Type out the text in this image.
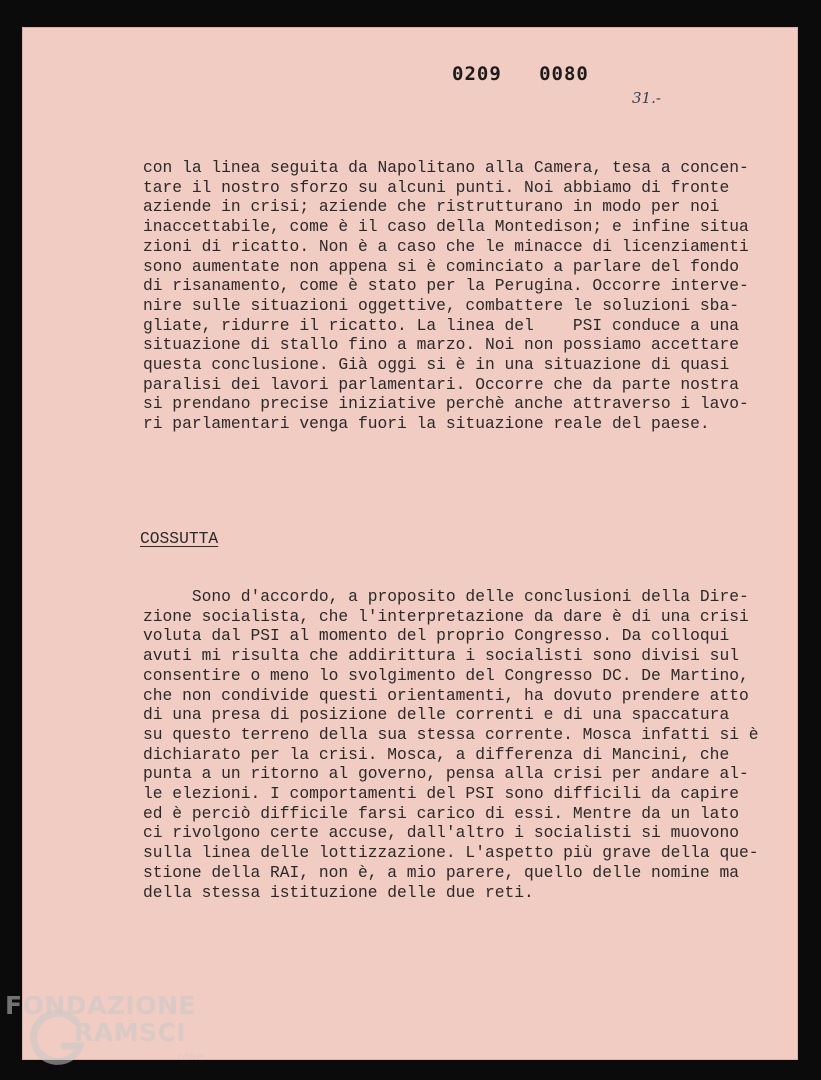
0209   0080
31.-
con la linea seguita da Napolitano alla Camera, tesa a concen-
tare il nostro sforzo su alcuni punti. Noi abbiamo di fronte
aziende in crisi; aziende che ristrutturano in modo per noi
inaccettabile, come è il caso della Montedison; e infine situa
zioni di ricatto. Non è a caso che le minacce di licenziamenti
sono aumentate non appena si è cominciato a parlare del fondo
di risanamento, come è stato per la Perugina. Occorre interve-
nire sulle situazioni oggettive, combattere le soluzioni sba-
gliate, ridurre il ricatto. La linea del    PSI conduce a una
situazione di stallo fino a marzo. Noi non possiamo accettare
questa conclusione. Già oggi si è in una situazione di quasi
paralisi dei lavori parlamentari. Occorre che da parte nostra
si prendano precise iniziative perchè anche attraverso i lavo-
ri parlamentari venga fuori la situazione reale del paese.
COSSUTTA
Sono d'accordo, a proposito delle conclusioni della Dire-
zione socialista, che l'interpretazione da dare è di una crisi
voluta dal PSI al momento del proprio Congresso. Da colloqui
avuti mi risulta che addirittura i socialisti sono divisi sul
consentire o meno lo svolgimento del Congresso DC. De Martino,
che non condivide questi orientamenti, ha dovuto prendere atto
di una presa di posizione delle correnti e di una spaccatura
su questo terreno della sua stessa corrente. Mosca infatti si è
dichiarato per la crisi. Mosca, a differenza di Mancini, che
punta a un ritorno al governo, pensa alla crisi per andare al-
le elezioni. I comportamenti del PSI sono difficili da capire
ed è perciò difficile farsi carico di essi. Mentre da un lato
ci rivolgono certe accuse, dall'altro i socialisti si muovono
sulla linea delle lottizzazione. L'aspetto più grave della que-
stione della RAI, non è, a mio parere, quello delle nomine ma
della stessa istituzione delle due reti.
FONDAZIONE
RAMSCI
onlus
